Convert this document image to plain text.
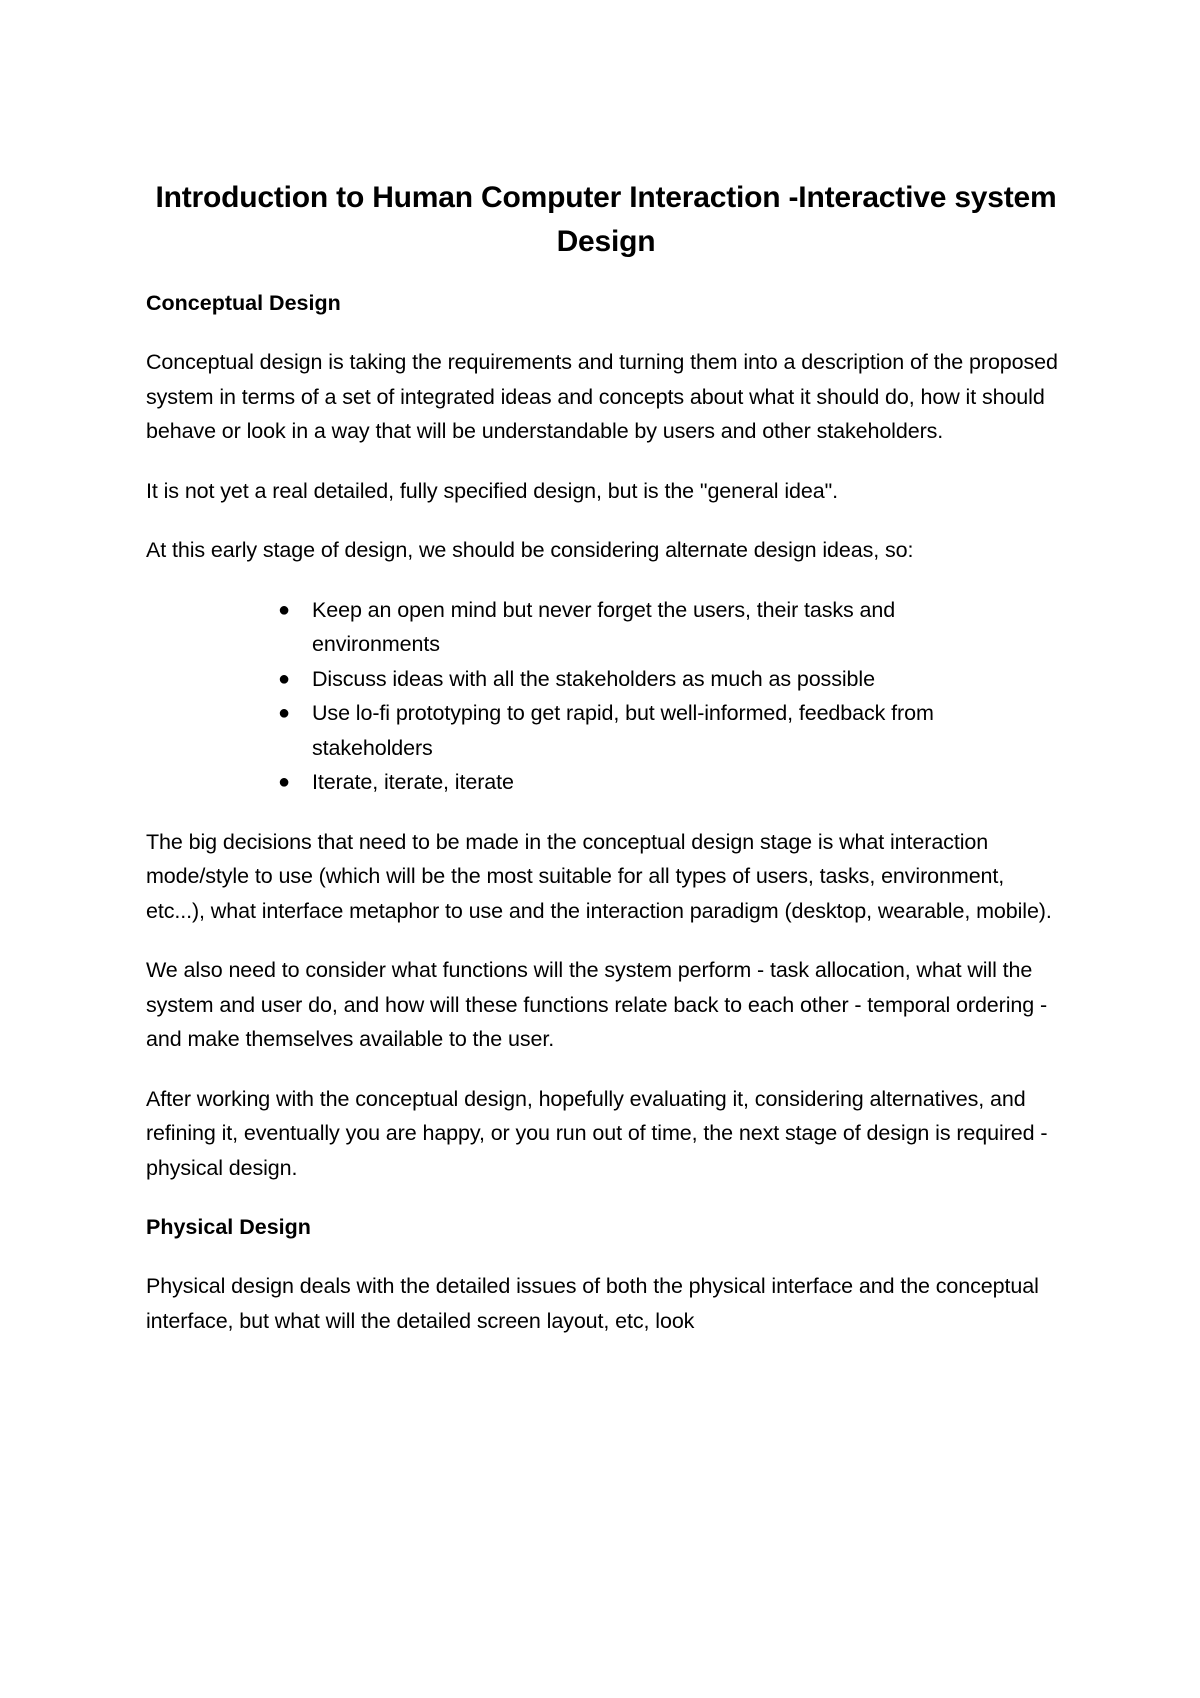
Introduction to Human Computer Interaction -Interactive system Design
Conceptual Design

Conceptual design is taking the requirements and turning them into a description of the proposed system in terms of a set of integrated ideas and concepts about what it should do, how it should behave or look in a way that will be understandable by users and other stakeholders.

It is not yet a real detailed, fully specified design, but is the "general idea".

At this early stage of design, we should be considering alternate design ideas, so:

● Keep an open mind but never forget the users, their tasks and environments
● Discuss ideas with all the stakeholders as much as possible
● Use lo-fi prototyping to get rapid, but well-informed, feedback from stakeholders
● Iterate, iterate, iterate

The big decisions that need to be made in the conceptual design stage is what interaction mode/style to use (which will be the most suitable for all types of users, tasks, environment, etc...), what interface metaphor to use and the interaction paradigm (desktop, wearable, mobile).

We also need to consider what functions will the system perform - task allocation, what will the system and user do, and how will these functions relate back to each other - temporal ordering - and make themselves available to the user.

After working with the conceptual design, hopefully evaluating it, considering alternatives, and refining it, eventually you are happy, or you run out of time, the next stage of design is required - physical design.

Physical Design

Physical design deals with the detailed issues of both the physical interface and the conceptual interface, but what will the detailed screen layout, etc, look
